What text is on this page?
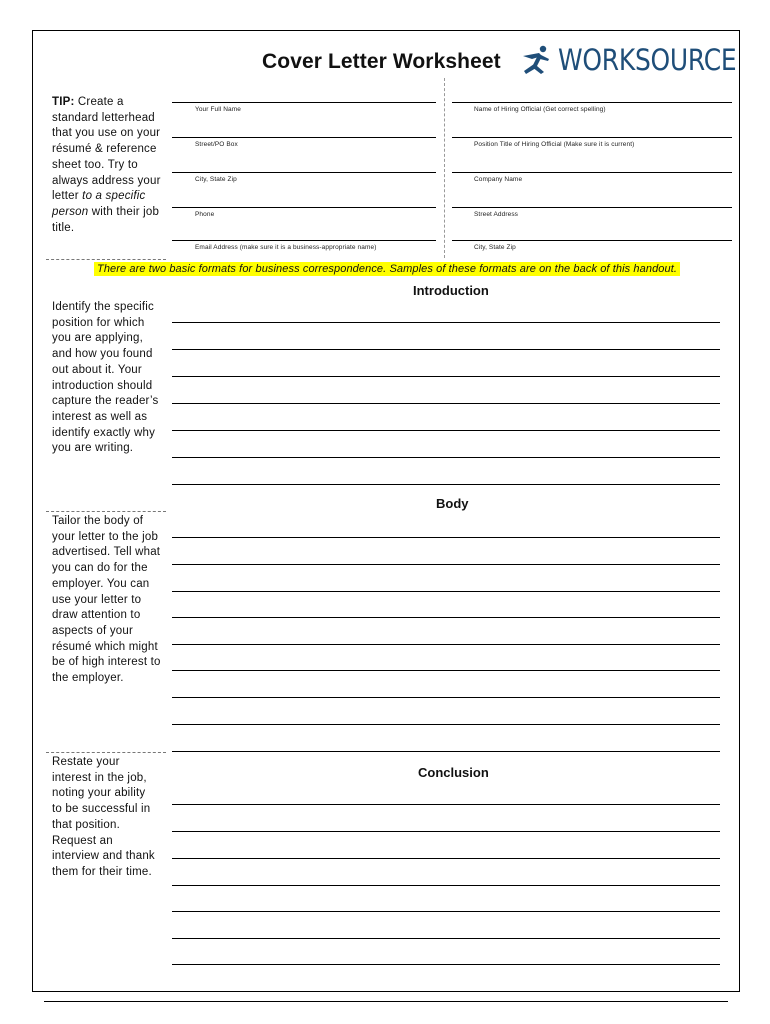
Cover Letter Worksheet WORKSOURCE
TIP: Create a standard letterhead that you use on your résumé & reference sheet too. Try to always address your letter to a specific person with their job title.
Your Full Name
Street/PO Box
City, State Zip
Phone
Email Address (make sure it is a business-appropriate name)
Name of Hiring Official (Get correct spelling)
Position Title of Hiring Official (Make sure it is current)
Company Name
Street Address
City, State Zip
There are two basic formats for business correspondence. Samples of these formats are on the back of this handout.
Introduction
Identify the specific position for which you are applying, and how you found out about it. Your introduction should capture the reader’s interest as well as identify exactly why you are writing.
Body
Tailor the body of your letter to the job advertised. Tell what you can do for the employer. You can use your letter to draw attention to aspects of your résumé which might be of high interest to the employer.
Conclusion
Restate your interest in the job, noting your ability to be successful in that position. Request an interview and thank them for their time.
